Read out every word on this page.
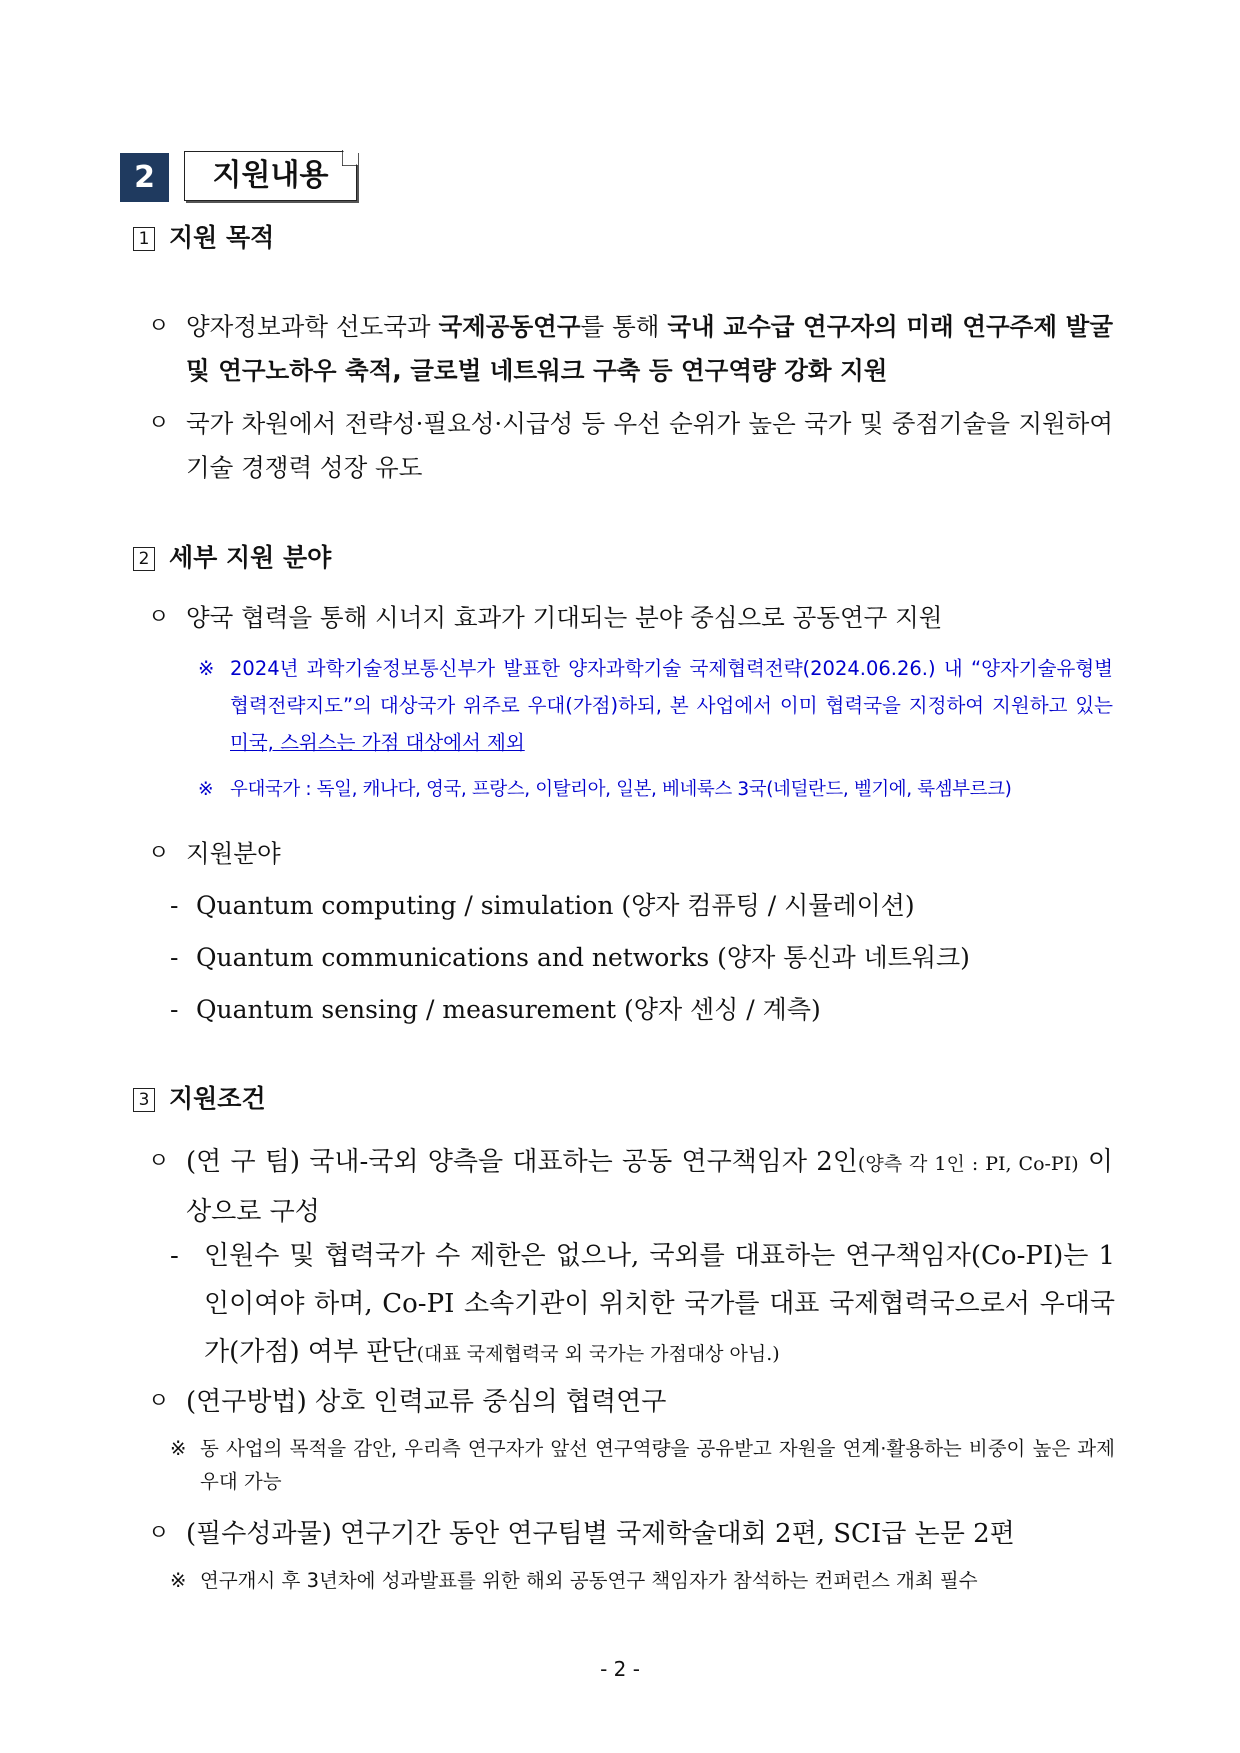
2	지원내용
1 지원 목적
ㅇ 양자정보과학 선도국과 국제공동연구를 통해 국내 교수급 연구자의 미래 연구주제 발굴 및 연구노하우 축적, 글로벌 네트워크 구축 등 연구역량 강화 지원
ㅇ 국가 차원에서 전략성·필요성·시급성 등 우선 순위가 높은 국가 및 중점기술을 지원하여 기술 경쟁력 성장 유도
2 세부 지원 분야
ㅇ 양국 협력을 통해 시너지 효과가 기대되는 분야 중심으로 공동연구 지원
※ 2024년 과학기술정보통신부가 발표한 양자과학기술 국제협력전략(2024.06.26.) 내 “양자기술유형별 협력전략지도”의 대상국가 위주로 우대(가점)하되, 본 사업에서 이미 협력국을 지정하여 지원하고 있는 미국, 스위스는 가점 대상에서 제외
※ 우대국가 : 독일, 캐나다, 영국, 프랑스, 이탈리아, 일본, 베네룩스 3국(네덜란드, 벨기에, 룩셈부르크)
ㅇ 지원분야
- Quantum computing / simulation (양자 컴퓨팅 / 시뮬레이션)
- Quantum communications and networks (양자 통신과 네트워크)
- Quantum sensing / measurement (양자 센싱 / 계측)
3 지원조건
ㅇ (연 구 팀) 국내-국외 양측을 대표하는 공동 연구책임자 2인(양측 각 1인 : PI, Co-PI) 이상으로 구성
- 인원수 및 협력국가 수 제한은 없으나, 국외를 대표하는 연구책임자(Co-PI)는 1인이여야 하며, Co-PI 소속기관이 위치한 국가를 대표 국제협력국으로서 우대국가(가점) 여부 판단(대표 국제협력국 외 국가는 가점대상 아님.)
ㅇ (연구방법) 상호 인력교류 중심의 협력연구
※ 동 사업의 목적을 감안, 우리측 연구자가 앞선 연구역량을 공유받고 자원을 연계·활용하는 비중이 높은 과제 우대 가능
ㅇ (필수성과물) 연구기간 동안 연구팀별 국제학술대회 2편, SCI급 논문 2편
※ 연구개시 후 3년차에 성과발표를 위한 해외 공동연구 책임자가 참석하는 컨퍼런스 개최 필수
- 2 -
